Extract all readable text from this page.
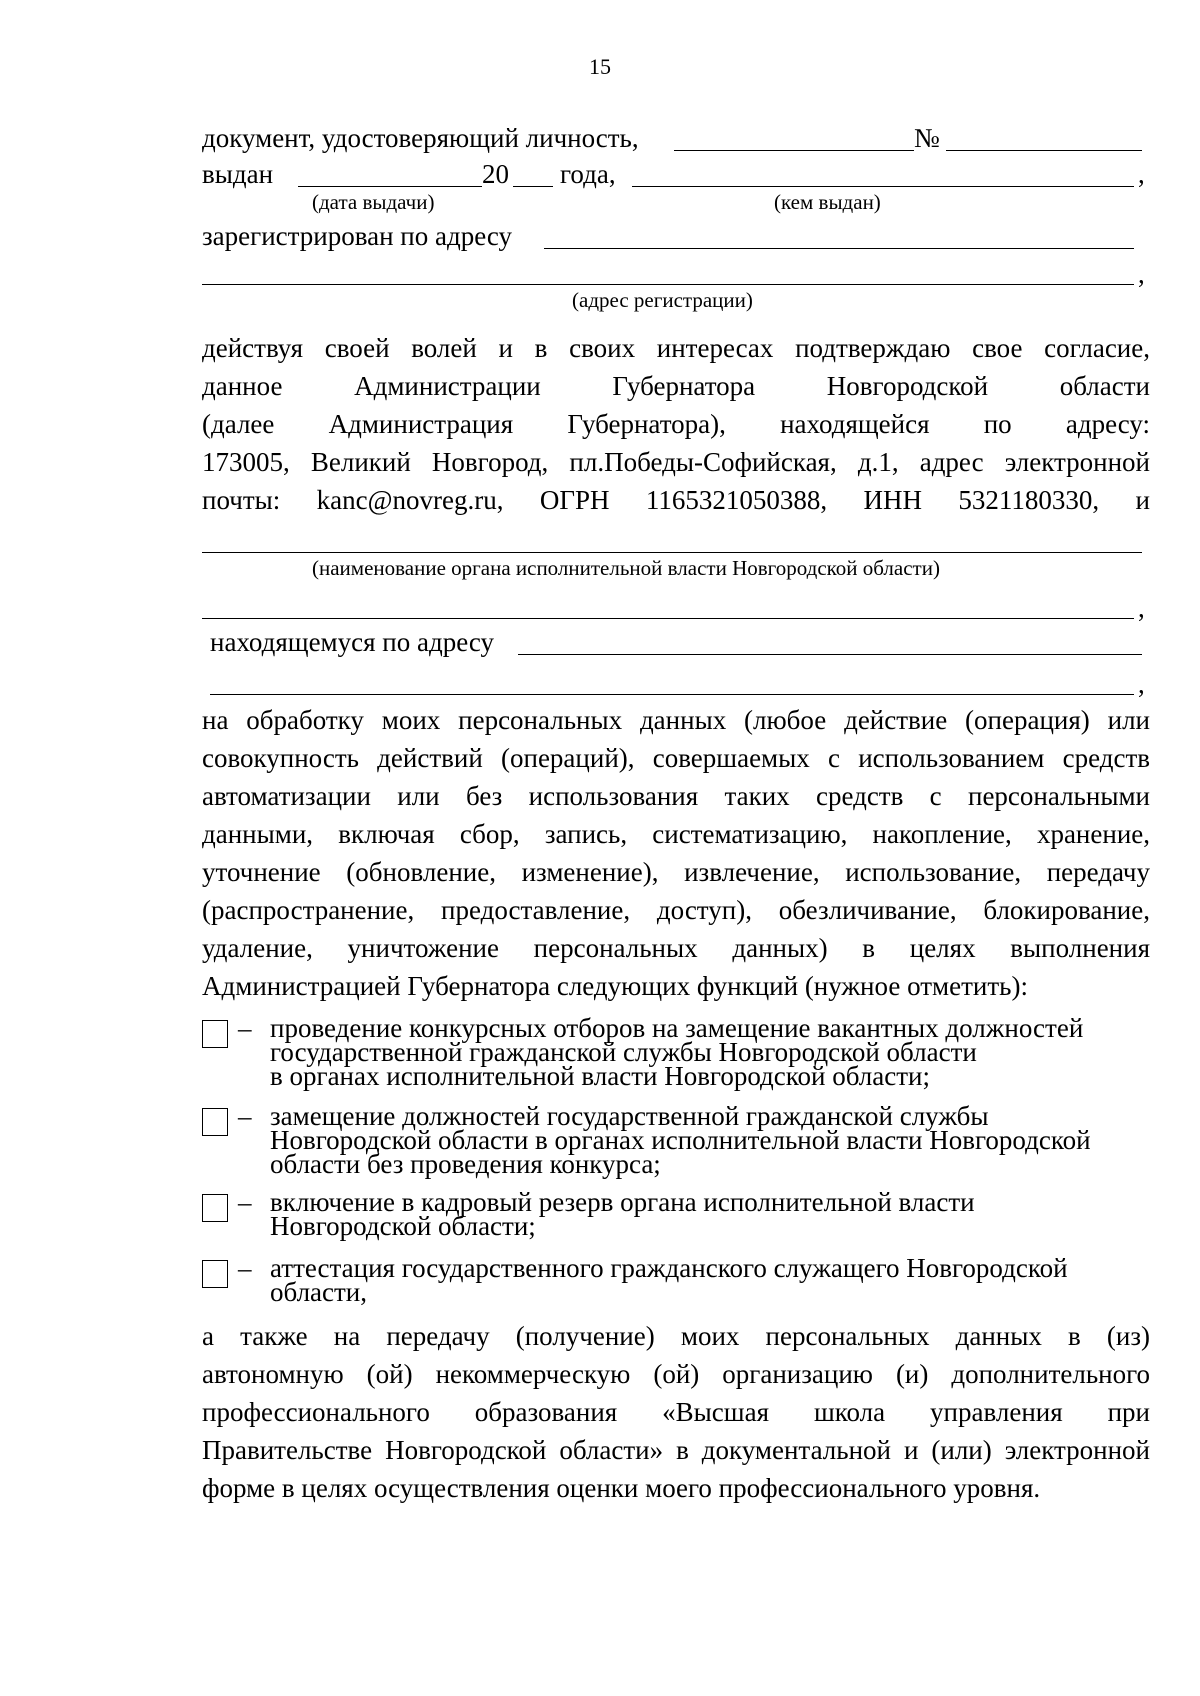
15
документ, удостоверяющий личность,	№
выдан	20 года,	,
(дата выдачи)	(кем выдан)
зарегистрирован по адресу
,
(адрес регистрации)

действуя своей волей и в своих интересах подтверждаю свое согласие,

данное Администрации Губернатора Новгородской области

(далее Администрация Губернатора), находящейся по адресу:

173005, Великий Новгород, пл.Победы-Софийская, д.1, адрес электронной

почты: kanc@novreg.ru, ОГРН 1165321050388, ИНН 5321180330, и

(наименование органа исполнительной власти Новгородской области)
,
находящемуся по адресу
,

на обработку моих персональных данных (любое действие (операция) или

совокупность действий (операций), совершаемых с использованием средств

автоматизации или без использования таких средств с персональными

данными, включая сбор, запись, систематизацию, накопление, хранение,

уточнение (обновление, изменение), извлечение, использование, передачу

(распространение, предоставление, доступ), обезличивание, блокирование,

удаление, уничтожение персональных данных) в целях выполнения

Администрацией Губернатора следующих функций (нужное отметить):

– проведение конкурсных отборов на замещение вакантных должностей
государственной гражданской службы Новгородской области
в органах исполнительной власти Новгородской области;
– замещение должностей государственной гражданской службы
Новгородской области в органах исполнительной власти Новгородской
области без проведения конкурса;
– включение в кадровый резерв органа исполнительной власти
Новгородской области;
– аттестация государственного гражданского служащего Новгородской
области,

а также на передачу (получение) моих персональных данных в (из)

автономную (ой) некоммерческую (ой) организацию (и) дополнительного

профессионального образования «Высшая школа управления при

Правительстве Новгородской области» в документальной и (или) электронной

форме в целях осуществления оценки моего профессионального уровня.
